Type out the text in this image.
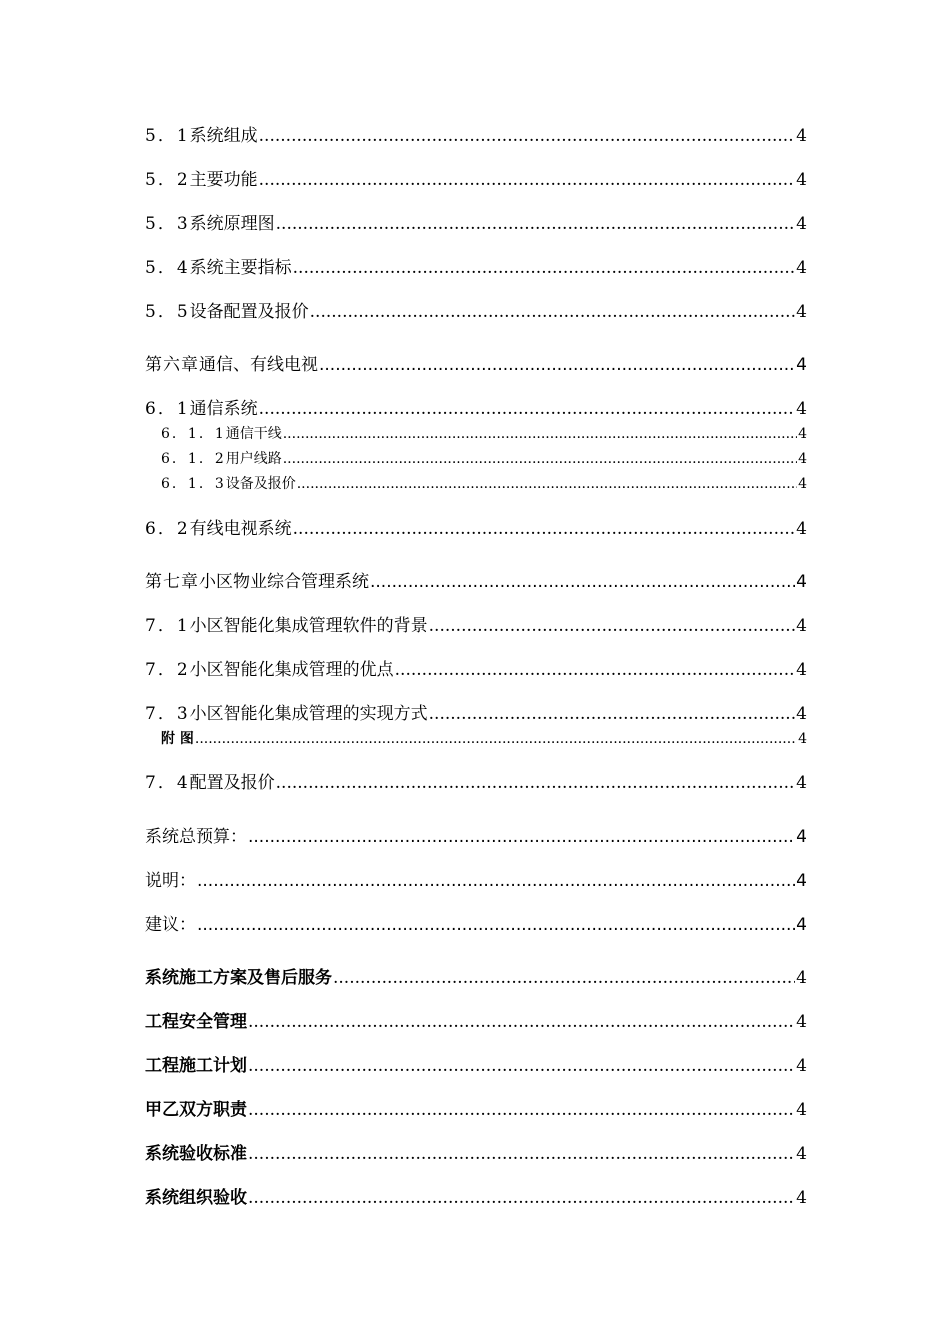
5．1 系统组成 .....	4
5．2 主要功能 .....	4
5．3 系统原理图 .....	4
5．4 系统主要指标 .....	4
5．5 设备配置及报价 .....	4
第六章 通信、有线电视 .....	4
6．1 通信系统 .....	4
6．1．1 通信干线 .....	4
6．1．2 用户线路 .....	4
6．1．3 设备及报价 .....	4
6．2 有线电视系统 .....	4
第七章 小区物业综合管理系统 .....	4
7．1 小区智能化集成管理软件的背景 .....	4
7．2 小区智能化集成管理的优点 .....	4
7．3 小区智能化集成管理的实现方式 .....	4
附 图 .....	4
7．4 配置及报价 .....	4
系统总预算： .....	4
说明： .....	4
建议： .....	4
系统施工方案及售后服务 .....	4
工程安全管理 .....	4
工程施工计划 .....	4
甲乙双方职责 .....	4
系统验收标准 .....	4
系统组织验收 .....	4
